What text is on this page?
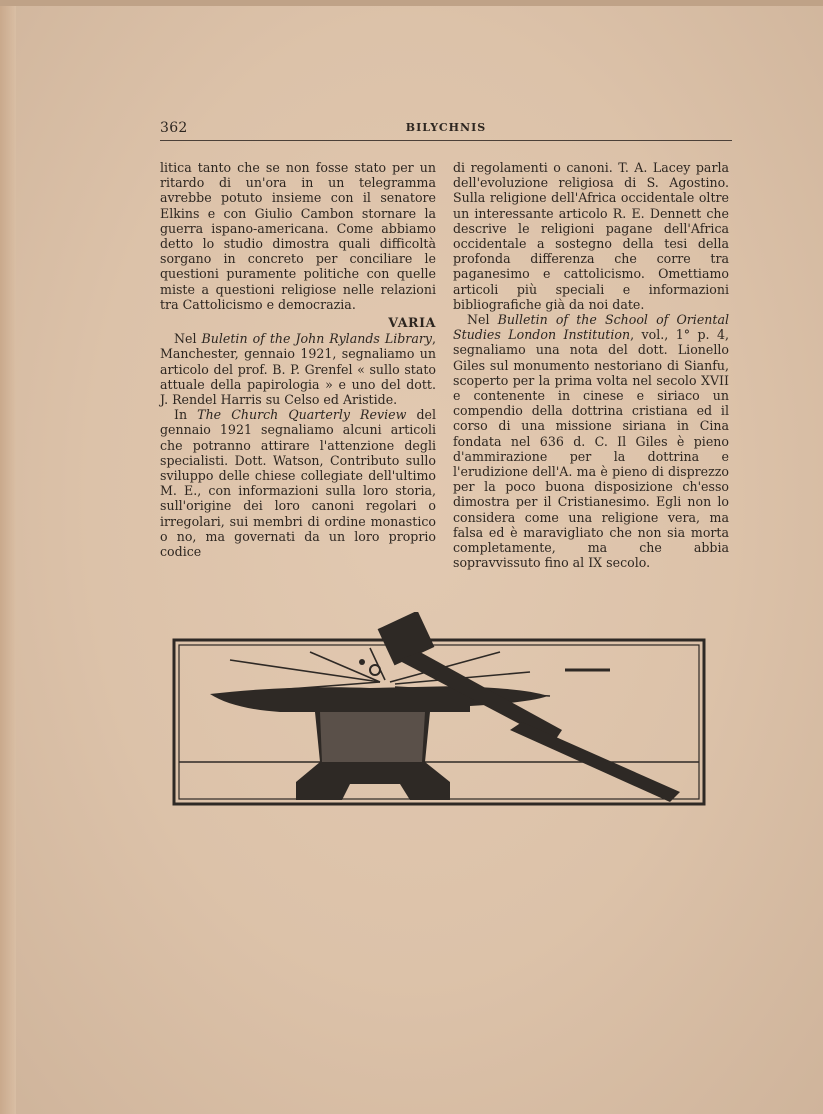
362	BILYCHNIS

litica tanto che se non fosse stato per un ritardo di un'ora in un telegramma avrebbe potuto insieme con il senatore Elkins e con Giulio Cambon stornare la guerra ispano-americana. Come abbiamo detto lo studio dimostra quali difficoltà sorgano in concreto per conciliare le questioni puramente politiche con quelle miste a questioni religiose nelle relazioni tra Cattolicismo e democrazia.

VARIA

Nel Buletin of the John Rylands Library, Manchester, gennaio 1921, segnaliamo un articolo del prof. B. P. Grenfel « sullo stato attuale della papirologia » e uno del dott. J. Rendel Harris su Celso ed Aristide.

In The Church Quarterly Review del gennaio 1921 segnaliamo alcuni articoli che potranno attirare l'attenzione degli specialisti. Dott. Watson, Contributo sullo sviluppo delle chiese collegiate dell'ultimo M. E., con informazioni sulla loro storia, sull'origine dei loro canoni regolari o irregolari, sui membri di ordine monastico o no, ma governati da un loro proprio codice

di regolamenti o canoni. T. A. Lacey parla dell'evoluzione religiosa di S. Agostino. Sulla religione dell'Africa occidentale oltre un interessante articolo R. E. Dennett che descrive le religioni pagane dell'Africa occidentale a sostegno della tesi della profonda differenza che corre tra paganesimo e cattolicismo. Omettiamo articoli più speciali e informazioni bibliografiche già da noi date.

Nel Bulletin of the School of Oriental Studies London Institution, vol., 1° p. 4, segnaliamo una nota del dott. Lionello Giles sul monumento nestoriano di Sianfu, scoperto per la prima volta nel secolo XVII e contenente in cinese e siriaco un compendio della dottrina cristiana ed il corso di una missione siriana in Cina fondata nel 636 d. C. Il Giles è pieno d'ammirazione per la dottrina e l'erudizione dell'A. ma è pieno di disprezzo per la poco buona disposizione ch'esso dimostra per il Cristianesimo. Egli non lo considera come una religione vera, ma falsa ed è maravigliato che non sia morta completamente, ma che abbia sopravvissuto fino al IX secolo.
